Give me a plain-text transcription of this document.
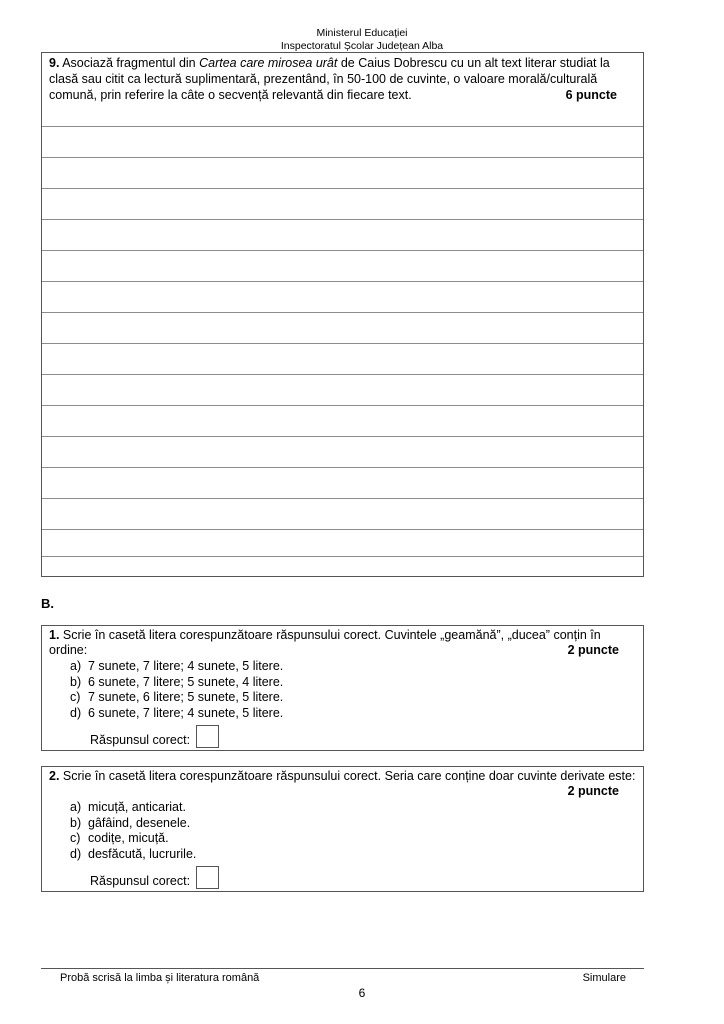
Ministerul Educației
Inspectoratul Școlar Județean Alba
9. Asociază fragmentul din Cartea care mirosea urât de Caius Dobrescu cu un alt text literar studiat la clasă sau citit ca lectură suplimentară, prezentând, în 50-100 de cuvinte, o valoare morală/culturală comună, prin referire la câte o secvență relevantă din fiecare text.	6 puncte
B.
1. Scrie în casetă litera corespunzătoare răspunsului corect. Cuvintele „geamănă”, „ducea” conțin în ordine:	2 puncte
a) 7 sunete, 7 litere; 4 sunete, 5 litere.
b) 6 sunete, 7 litere; 5 sunete, 4 litere.
c) 7 sunete, 6 litere; 5 sunete, 5 litere.
d) 6 sunete, 7 litere; 4 sunete, 5 litere.
Răspunsul corect:
2. Scrie în casetă litera corespunzătoare răspunsului corect. Seria care conține doar cuvinte derivate este:
2 puncte
a) micuță, anticariat.
b) gâfâind, desenele.
c) codițe, micuță.
d) desfăcută, lucrurile.
Răspunsul corect:
Probă scrisă la limba și literatura română	Simulare
6
